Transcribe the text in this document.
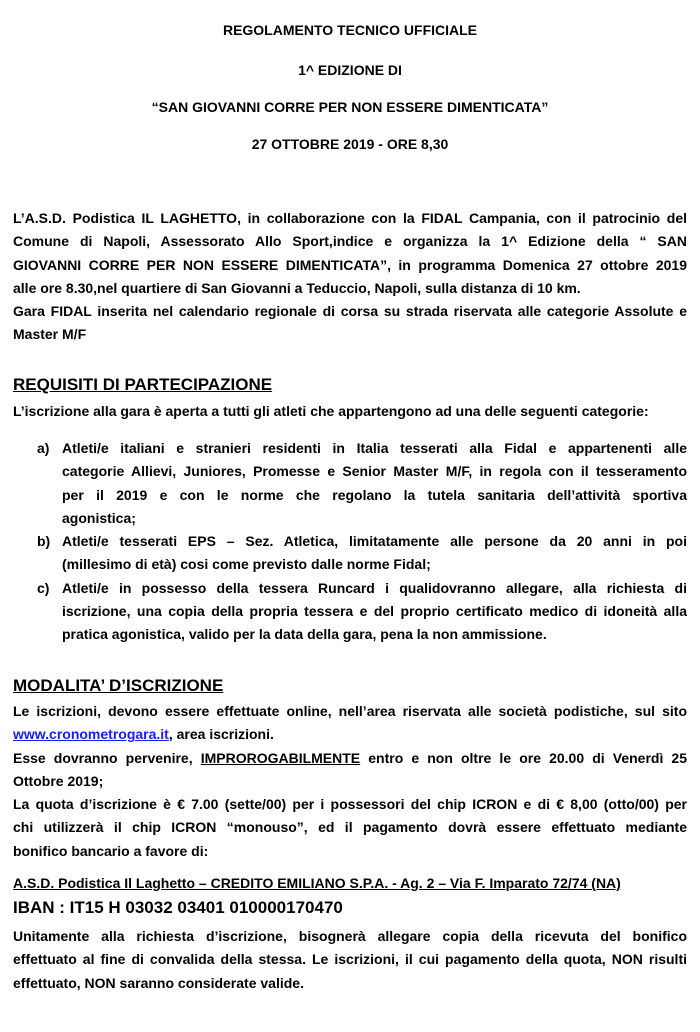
REGOLAMENTO TECNICO UFFICIALE
1^ EDIZIONE DI
“SAN GIOVANNI CORRE PER NON ESSERE DIMENTICATA”
27 OTTOBRE 2019 - ORE 8,30
L’A.S.D. Podistica IL LAGHETTO, in collaborazione con la FIDAL Campania, con il patrocinio del
Comune di Napoli, Assessorato Allo Sport,indice e organizza la 1^ Edizione della “ SAN
GIOVANNI CORRE PER NON ESSERE DIMENTICATA”, in programma Domenica 27 ottobre 2019
alle ore 8.30,nel quartiere di San Giovanni a Teduccio, Napoli, sulla distanza di 10 km.
Gara FIDAL inserita nel calendario regionale di corsa su strada riservata alle categorie Assolute e
Master M/F
REQUISITI DI PARTECIPAZIONE
L’iscrizione alla gara è aperta a tutti gli atleti che appartengono ad una delle seguenti categorie:
a) Atleti/e italiani e stranieri residenti in Italia tesserati alla Fidal e appartenenti alle
categorie Allievi, Juniores, Promesse e Senior Master M/F, in regola con il tesseramento
per il 2019 e con le norme che regolano la tutela sanitaria dell’attività sportiva
agonistica;
b) Atleti/e tesserati EPS – Sez. Atletica, limitatamente alle persone da 20 anni in poi
(millesimo di età) cosi come previsto dalle norme Fidal;
c) Atleti/e in possesso della tessera Runcard i qualidovranno allegare, alla richiesta di
iscrizione, una copia della propria tessera e del proprio certificato medico di idoneità alla
pratica agonistica, valido per la data della gara, pena la non ammissione.
MODALITA’ D’ISCRIZIONE
Le iscrizioni, devono essere effettuate online, nell’area riservata alle società podistiche, sul sito
www.cronometrogara.it, area iscrizioni.
Esse dovranno pervenire, IMPROROGABILMENTE entro e non oltre le ore 20.00 di Venerdì 25
Ottobre 2019;
La quota d’iscrizione è € 7.00 (sette/00) per i possessori del chip ICRON e di € 8,00 (otto/00) per
chi utilizzerà il chip ICRON “monouso”, ed il pagamento dovrà essere effettuato mediante
bonifico bancario a favore di:
A.S.D. Podistica Il Laghetto – CREDITO EMILIANO S.P.A. - Ag. 2 – Via F. Imparato 72/74 (NA)
IBAN : IT15 H 03032 03401 010000170470
Unitamente alla richiesta d’iscrizione, bisognerà allegare copia della ricevuta del bonifico
effettuato al fine di convalida della stessa. Le iscrizioni, il cui pagamento della quota, NON risulti
effettuato, NON saranno considerate valide.
